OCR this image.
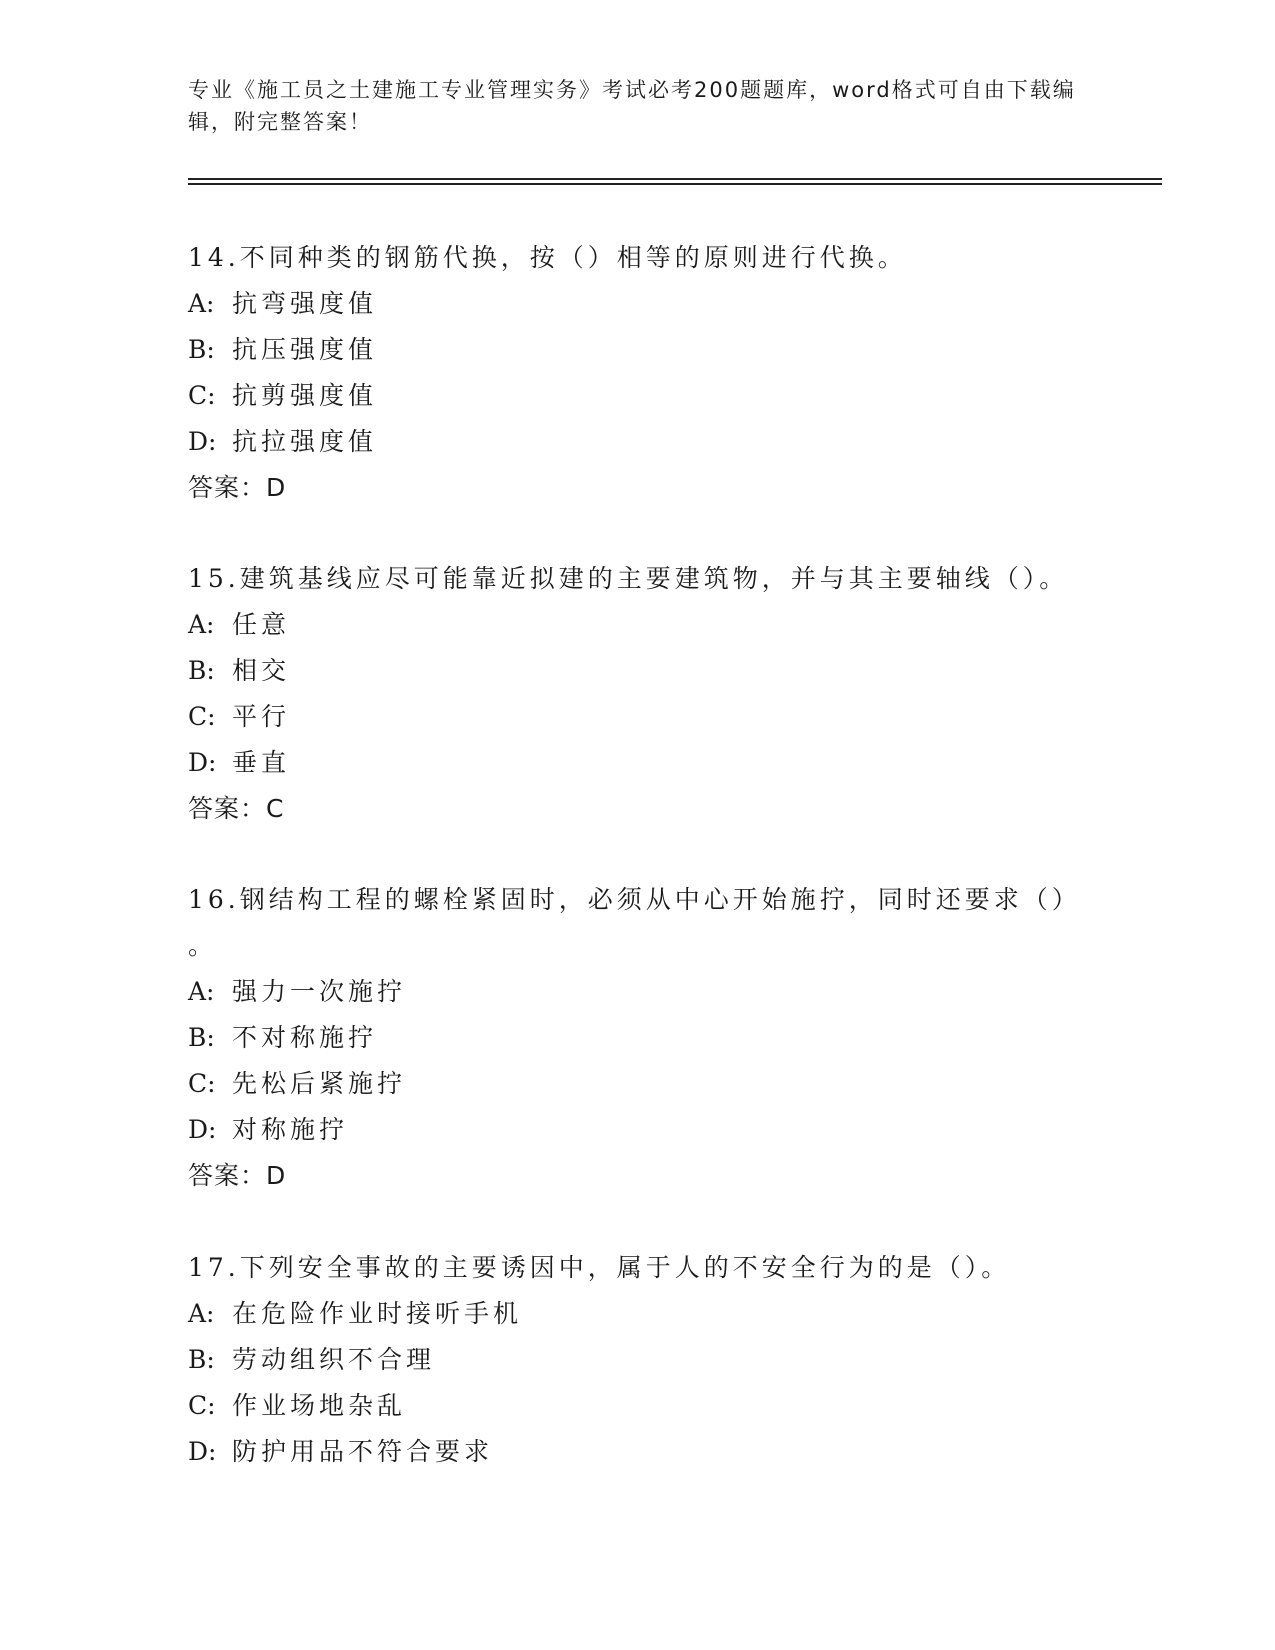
专业《施工员之土建施工专业管理实务》考试必考200题题库，word格式可自由下载编辑，附完整答案！
14.不同种类的钢筋代换，按（）相等的原则进行代换。
A: 抗弯强度值
B: 抗压强度值
C: 抗剪强度值
D: 抗拉强度值
答案：D
15.建筑基线应尽可能靠近拟建的主要建筑物，并与其主要轴线（）。
A: 任意
B: 相交
C: 平行
D: 垂直
答案：C
16.钢结构工程的螺栓紧固时，必须从中心开始施拧，同时还要求（）
。
A: 强力一次施拧
B: 不对称施拧
C: 先松后紧施拧
D: 对称施拧
答案：D
17.下列安全事故的主要诱因中，属于人的不安全行为的是（）。
A: 在危险作业时接听手机
B: 劳动组织不合理
C: 作业场地杂乱
D: 防护用品不符合要求
